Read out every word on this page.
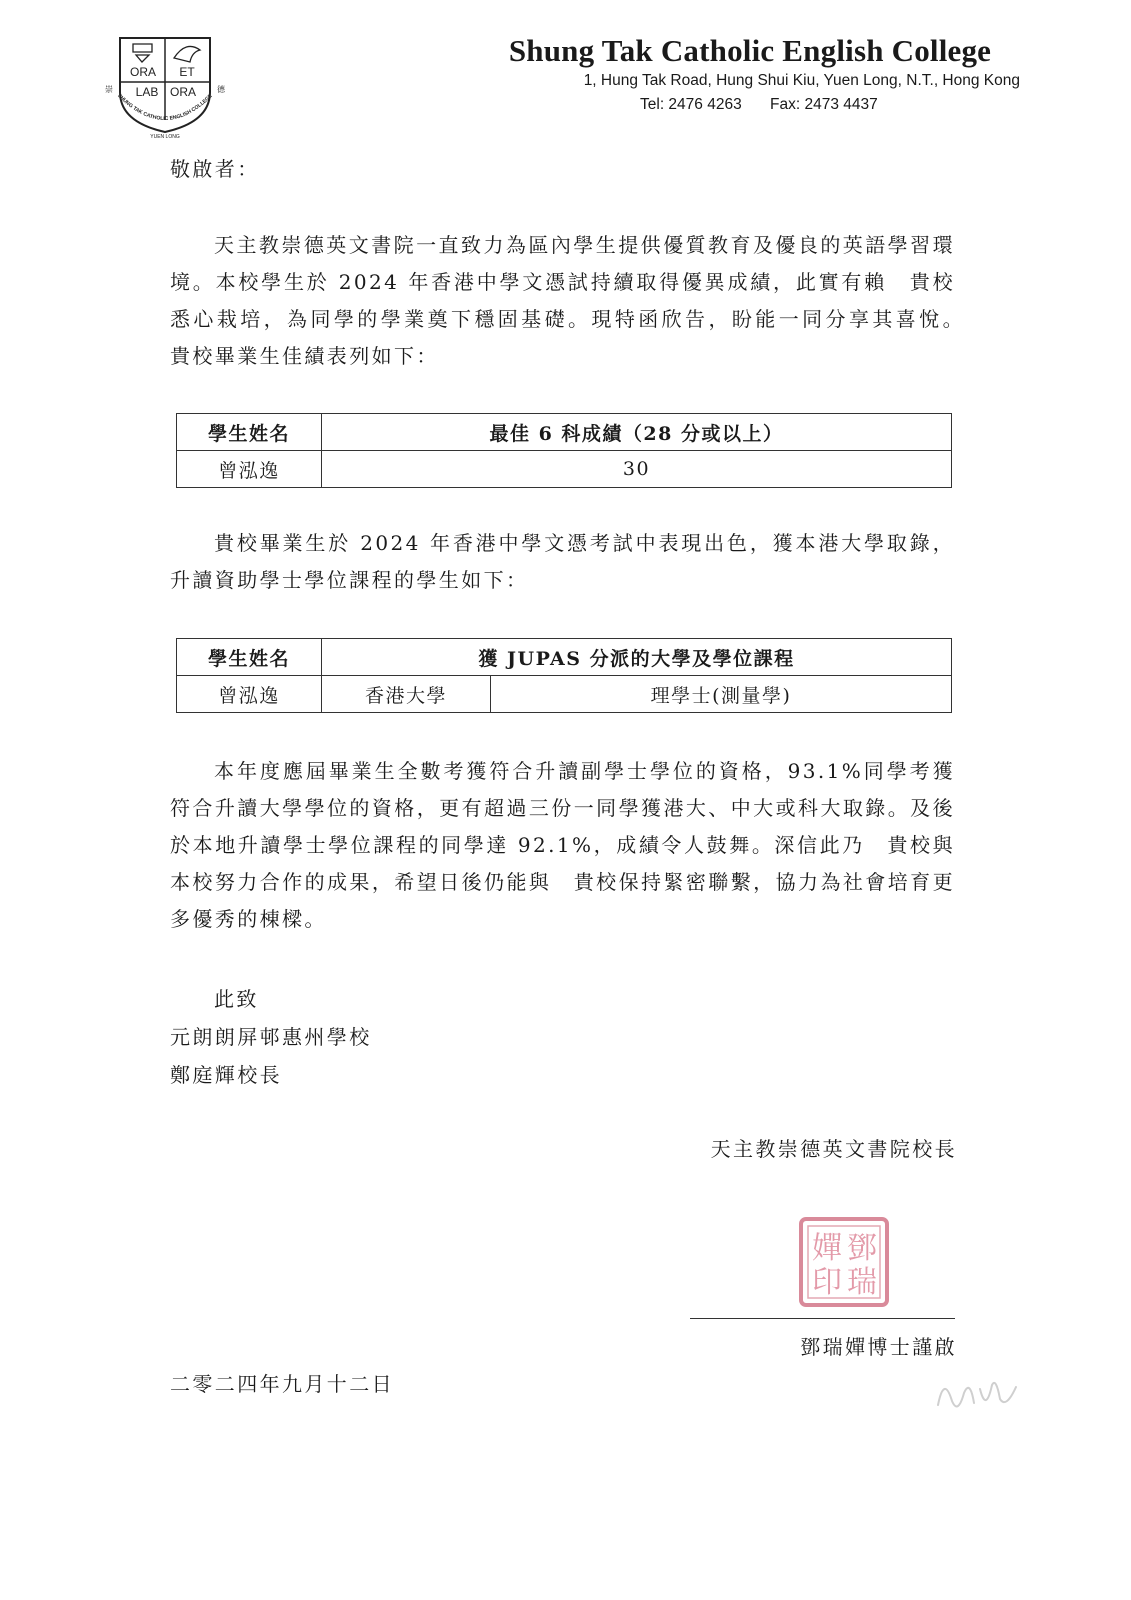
ORA ET
LAB ORA
SHUNG TAK CATHOLIC ENGLISH COLLEGE
YUEN LONG
崇	德
Shung Tak Catholic English College
1, Hung Tak Road, Hung Shui Kiu, Yuen Long, N.T., Hong Kong
Tel: 2476 4263 Fax: 2473 4437
敬啟者：
天主教崇德英文書院一直致力為區內學生提供優質教育及優良的英語學習環境。本校學生於 2024 年香港中學文憑試持續取得優異成績，此實有賴　貴校悉心栽培，為同學的學業奠下穩固基礎。現特函欣告，盼能一同分享其喜悅。　貴校畢業生佳績表列如下：
學生姓名	最佳 6 科成績（28 分或以上）
曾泓逸	30
貴校畢業生於 2024 年香港中學文憑考試中表現出色，獲本港大學取錄，升讀資助學士學位課程的學生如下：
學生姓名	獲 JUPAS 分派的大學及學位課程	
曾泓逸	香港大學	理學士(測量學)
本年度應屆畢業生全數考獲符合升讀副學士學位的資格，93.1%同學考獲符合升讀大學學位的資格，更有超過三份一同學獲港大、中大或科大取錄。及後於本地升讀學士學位課程的同學達 92.1%，成績令人鼓舞。深信此乃　貴校與本校努力合作的成果，希望日後仍能與　貴校保持緊密聯繫，協力為社會培育更多優秀的棟樑。
此致
元朗朗屏邨惠州學校
鄭庭輝校長
天主教崇德英文書院校長
鄧
瑞
嬋
印
鄧瑞嬋博士謹啟
二零二四年九月十二日
